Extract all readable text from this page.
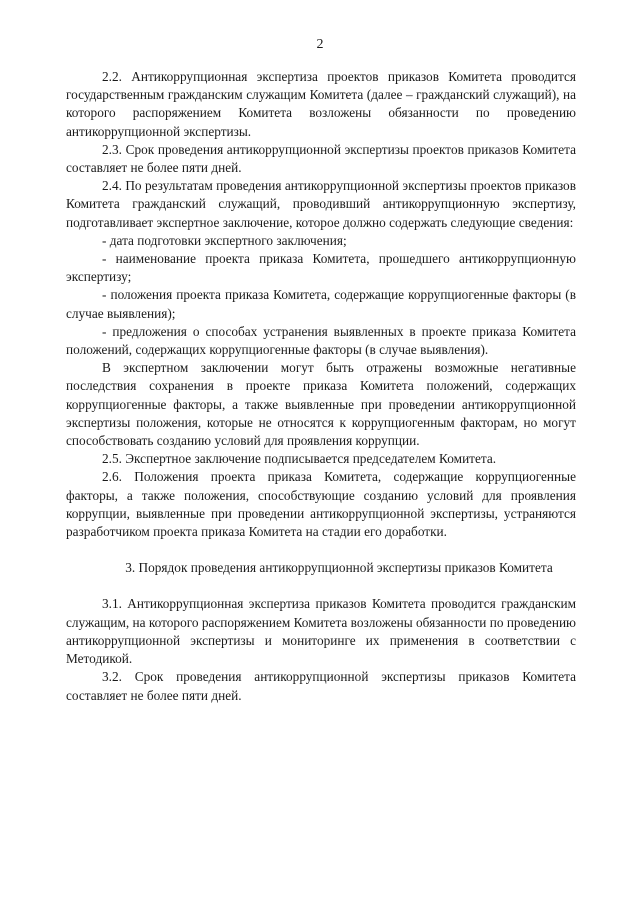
2

2.2. Антикоррупционная экспертиза проектов приказов Комитета проводится государственным гражданским служащим Комитета (далее – гражданский служащий), на которого распоряжением Комитета возложены обязанности по проведению антикоррупционной экспертизы.

2.3. Срок проведения антикоррупционной экспертизы проектов приказов Комитета составляет не более пяти дней.

2.4. По результатам проведения антикоррупционной экспертизы проектов приказов Комитета гражданский служащий, проводивший антикоррупционную экспертизу, подготавливает экспертное заключение, которое должно содержать следующие сведения:

- дата подготовки экспертного заключения;

- наименование проекта приказа Комитета, прошедшего антикоррупционную экспертизу;

- положения проекта приказа Комитета, содержащие коррупциогенные факторы (в случае выявления);

- предложения о способах устранения выявленных в проекте приказа Комитета положений, содержащих коррупциогенные факторы (в случае выявления).

В экспертном заключении могут быть отражены возможные негативные последствия сохранения в проекте приказа Комитета положений, содержащих коррупциогенные факторы, а также выявленные при проведении антикоррупционной экспертизы положения, которые не относятся к коррупциогенным факторам, но могут способствовать созданию условий для проявления коррупции.

2.5. Экспертное заключение подписывается председателем Комитета.

2.6. Положения проекта приказа Комитета, содержащие коррупциогенные факторы, а также положения, способствующие созданию условий для проявления коррупции, выявленные при проведении антикоррупционной экспертизы, устраняются разработчиком проекта приказа Комитета на стадии его доработки.

3. Порядок проведения антикоррупционной экспертизы приказов Комитета

3.1. Антикоррупционная экспертиза приказов Комитета проводится гражданским служащим, на которого распоряжением Комитета возложены обязанности по проведению антикоррупционной экспертизы и мониторинге их применения в соответствии с Методикой.

3.2. Срок проведения антикоррупционной экспертизы приказов Комитета составляет не более пяти дней.
